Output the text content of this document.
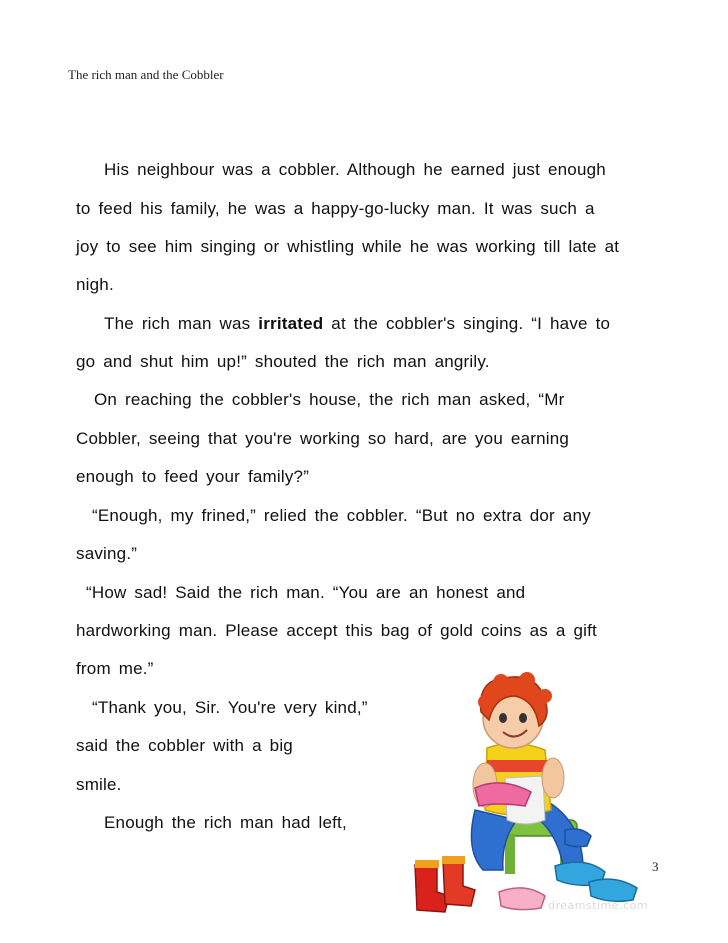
The rich man and the Cobbler
His neighbour was a cobbler. Although he earned just enough
to feed his family, he was a happy-go-lucky man. It was such a
joy to see him singing or whistling while he was working till late at
nigh.
The rich man was irritated at the cobbler's singing. “I have to
go and shut him up!” shouted the rich man angrily.
On reaching the cobbler's house, the rich man asked, “Mr
Cobbler, seeing that you're working so hard, are you earning
enough to feed your family?”
“Enough, my frined,” relied the cobbler. “But no extra dor any
saving.”
“How sad! Said the rich man. “You are an honest and
hardworking man. Please accept this bag of gold coins as a gift
from me.”
“Thank you, Sir. You're very kind,”
said the cobbler with a big
smile.
Enough the rich man had left,
dreamstime.com
3
